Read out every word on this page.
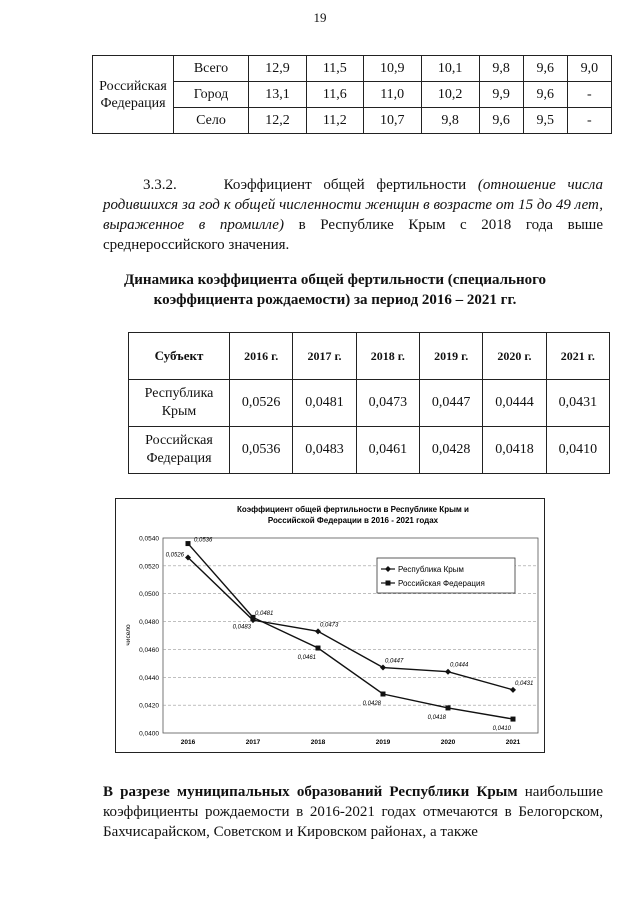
19
Российская Федерация	Всего	12,9	11,5	10,9	10,1	9,8	9,6	9,0
	Город	13,1	11,6	11,0	10,2	9,9	9,6	-
	Село	12,2	11,2	10,7	9,8	9,6	9,5	-
3.3.2.	Коэффициент общей фертильности (отношение числа родившихся за год к общей численности женщин в возрасте от 15 до 49 лет, выраженное в промилле) в Республике Крым с 2018 года выше среднероссийского значения.
Динамика коэффициента общей фертильности (специального коэффициента рождаемости) за период 2016 – 2021 гг.
Субъект	2016 г.	2017 г.	2018 г.	2019 г.	2020 г.	2021 г.
Республика Крым	0,0526	0,0481	0,0473	0,0447	0,0444	0,0431
Российская Федерация	0,0536	0,0483	0,0461	0,0428	0,0418	0,0410
Коэффициент общей фертильности в Республике Крым и
Российской Федерации в 2016 - 2021 годах
чисело
0,0400
0,0420
0,0440
0,0460
0,0480
0,0500
0,0520
0,0540
2016	2017	2018	2019	2020	2021
0,0526
0,0481
0,0473
0,0447
0,0444
0,0431
0,0536
0,0483
0,0461
0,0428
0,0418
0,0410
Республика Крым
Российская Федерация
В разрезе муниципальных образований Республики Крым наибольшие коэффициенты рождаемости в 2016-2021 годах отмечаются в Белогорском, Бахчисарайском, Советском и Кировском районах, а также
